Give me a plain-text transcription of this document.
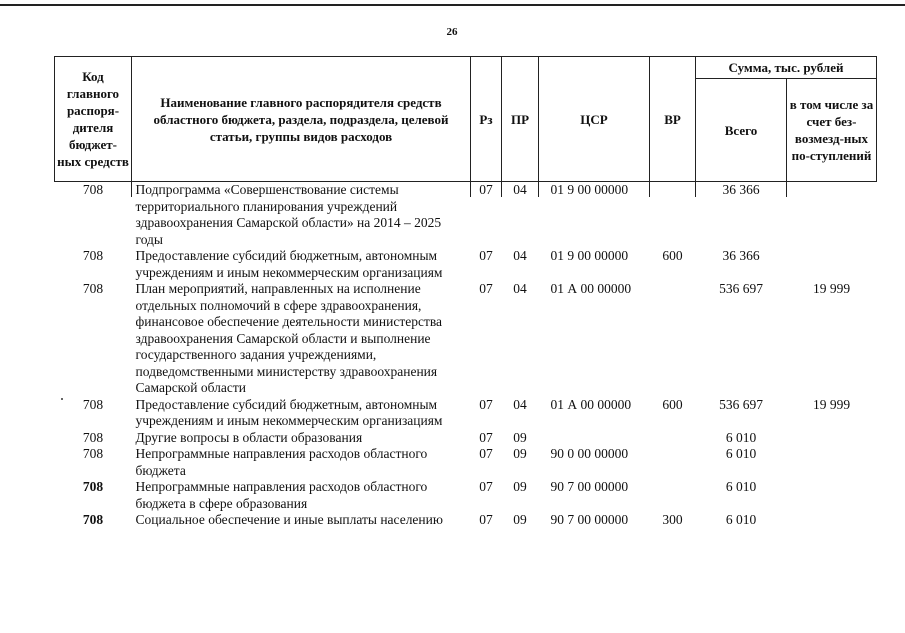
26
Код главного распоря-дителя бюджет-ных средств	Наименование главного распорядителя средств областного бюджета, раздела, подраздела, целевой статьи, группы видов расходов	Рз	ПР	ЦСР	ВР	Сумма, тыс. рублей	
						Всего	в том числе за счет без-возмезд-ных по-ступлений
708	Подпрограмма «Совершенствование системы территориального планирования учреждений здравоохранения Самарской области» на 2014 – 2025 годы	07	04	01 9 00 00000		36 366	
708	Предоставление субсидий бюджетным, автономным учреждениям и иным некоммерческим организациям	07	04	01 9 00 00000	600	36 366	
708	План мероприятий, направленных на исполнение отдельных полномочий в сфере здравоохранения, финансовое обеспечение деятельности министерства здравоохранения Самарской области и выполнение государственного задания учреждениями, подведомственными министерству здравоохранения Самарской области	07	04	01 А 00 00000		536 697	19 999
708	Предоставление субсидий бюджетным, автономным учреждениям и иным некоммерческим организациям	07	04	01 А 00 00000	600	536 697	19 999
708	Другие вопросы в области образования	07	09			6 010	
708	Непрограммные направления расходов областного бюджета	07	09	90 0 00 00000		6 010	
708	Непрограммные направления расходов областного бюджета в сфере образования	07	09	90 7 00 00000		6 010	
708	Социальное обеспечение и иные выплаты населению	07	09	90 7 00 00000	300	6 010	
